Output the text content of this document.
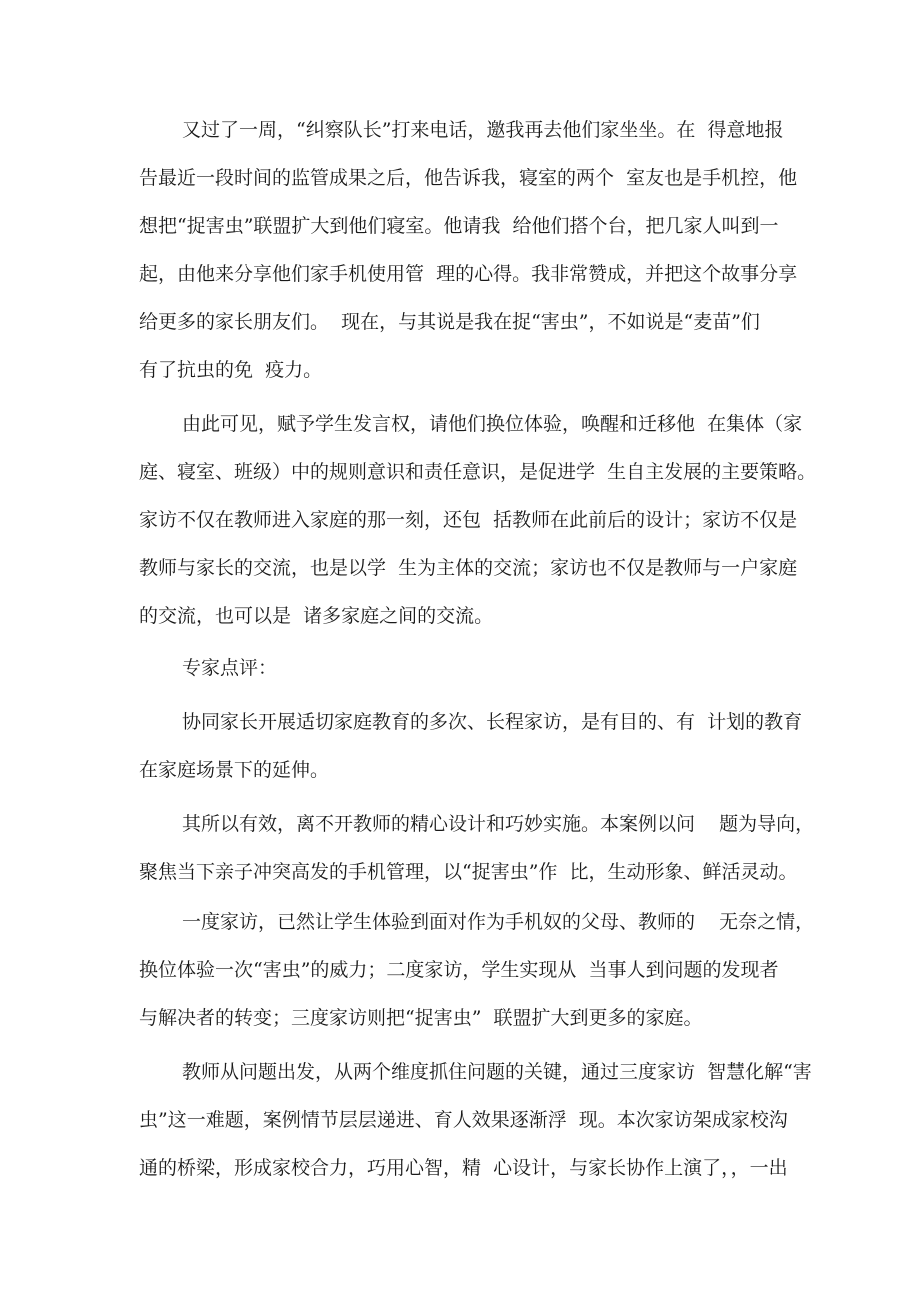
又过了一周，“纠察队长”打来电话，邀我再去他们家坐坐。在  得意地报
告最近一段时间的监管成果之后，他告诉我，寝室的两个  室友也是手机控，他
想把“捉害虫”联盟扩大到他们寝室。他请我  给他们搭个台，把几家人叫到一
起，由他来分享他们家手机使用管  理的心得。我非常赞成，并把这个故事分享
给更多的家长朋友们。  现在，与其说是我在捉“害虫”，不如说是“麦苗”们
有了抗虫的免  疫力。
由此可见，赋予学生发言权，请他们换位体验，唤醒和迁移他  在集体（家
庭、寝室、班级）中的规则意识和责任意识，是促进学  生自主发展的主要策略。
家访不仅在教师进入家庭的那一刻，还包  括教师在此前后的设计；家访不仅是
教师与家长的交流，也是以学  生为主体的交流；家访也不仅是教师与一户家庭
的交流，也可以是  诸多家庭之间的交流。
专家点评：
协同家长开展适切家庭教育的多次、长程家访，是有目的、有  计划的教育
在家庭场景下的延伸。
其所以有效，离不开教师的精心设计和巧妙实施。本案例以问    题为导向，
聚焦当下亲子冲突高发的手机管理，以“捉害虫”作  比，生动形象、鲜活灵动。
一度家访，已然让学生体验到面对作为手机奴的父母、教师的    无奈之情，
换位体验一次“害虫”的威力；二度家访，学生实现从  当事人到问题的发现者
与解决者的转变；三度家访则把“捉害虫”  联盟扩大到更多的家庭。
教师从问题出发，从两个维度抓住问题的关键，通过三度家访  智慧化解“害
虫”这一难题，案例情节层层递进、育人效果逐渐浮  现。本次家访架成家校沟
通的桥梁，形成家校合力，巧用心智，精  心设计，与家长协作上演了，，一出
